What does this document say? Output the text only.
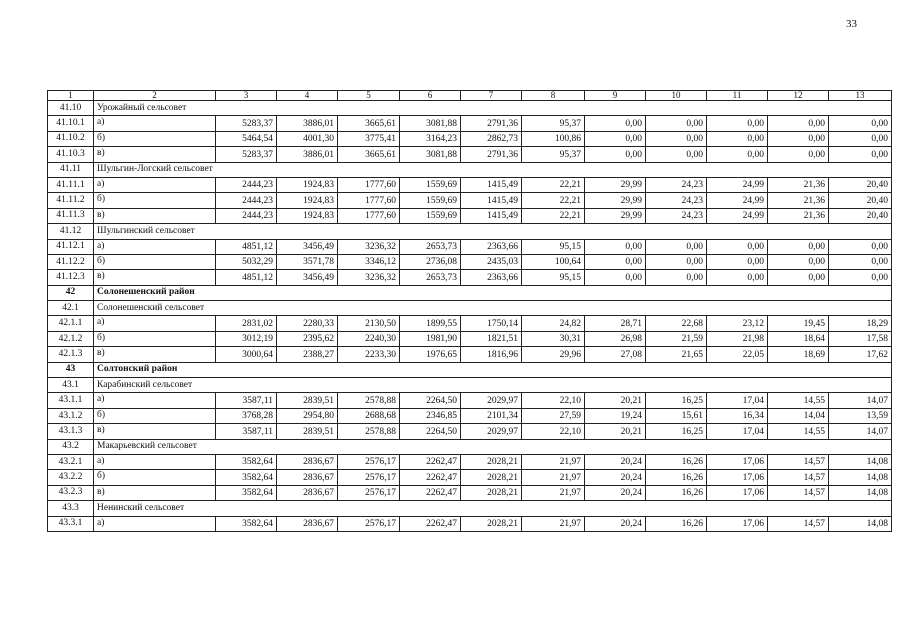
33
1	2	3	4	5	6	7	8	9	10	11	12	13
41.10	Урожайный сельсовет											
41.10.1	а)	5283,37	3886,01	3665,61	3081,88	2791,36	95,37	0,00	0,00	0,00	0,00	0,00
41.10.2	б)	5464,54	4001,30	3775,41	3164,23	2862,73	100,86	0,00	0,00	0,00	0,00	0,00
41.10.3	в)	5283,37	3886,01	3665,61	3081,88	2791,36	95,37	0,00	0,00	0,00	0,00	0,00
41.11	Шульгин-Логский сельсовет											
41.11.1	а)	2444,23	1924,83	1777,60	1559,69	1415,49	22,21	29,99	24,23	24,99	21,36	20,40
41.11.2	б)	2444,23	1924,83	1777,60	1559,69	1415,49	22,21	29,99	24,23	24,99	21,36	20,40
41.11.3	в)	2444,23	1924,83	1777,60	1559,69	1415,49	22,21	29,99	24,23	24,99	21,36	20,40
41.12	Шульгинский сельсовет											
41.12.1	а)	4851,12	3456,49	3236,32	2653,73	2363,66	95,15	0,00	0,00	0,00	0,00	0,00
41.12.2	б)	5032,29	3571,78	3346,12	2736,08	2435,03	100,64	0,00	0,00	0,00	0,00	0,00
41.12.3	в)	4851,12	3456,49	3236,32	2653,73	2363,66	95,15	0,00	0,00	0,00	0,00	0,00
42	Солонешенский район											
42.1	Солонешенский сельсовет											
42.1.1	а)	2831,02	2280,33	2130,50	1899,55	1750,14	24,82	28,71	22,68	23,12	19,45	18,29
42.1.2	б)	3012,19	2395,62	2240,30	1981,90	1821,51	30,31	26,98	21,59	21,98	18,64	17,58
42.1.3	в)	3000,64	2388,27	2233,30	1976,65	1816,96	29,96	27,08	21,65	22,05	18,69	17,62
43	Солтонский район											
43.1	Карабинский сельсовет											
43.1.1	а)	3587,11	2839,51	2578,88	2264,50	2029,97	22,10	20,21	16,25	17,04	14,55	14,07
43.1.2	б)	3768,28	2954,80	2688,68	2346,85	2101,34	27,59	19,24	15,61	16,34	14,04	13,59
43.1.3	в)	3587,11	2839,51	2578,88	2264,50	2029,97	22,10	20,21	16,25	17,04	14,55	14,07
43.2	Макарьевский сельсовет											
43.2.1	а)	3582,64	2836,67	2576,17	2262,47	2028,21	21,97	20,24	16,26	17,06	14,57	14,08
43.2.2	б)	3582,64	2836,67	2576,17	2262,47	2028,21	21,97	20,24	16,26	17,06	14,57	14,08
43.2.3	в)	3582,64	2836,67	2576,17	2262,47	2028,21	21,97	20,24	16,26	17,06	14,57	14,08
43.3	Ненинский сельсовет											
43.3.1	а)	3582,64	2836,67	2576,17	2262,47	2028,21	21,97	20,24	16,26	17,06	14,57	14,08
